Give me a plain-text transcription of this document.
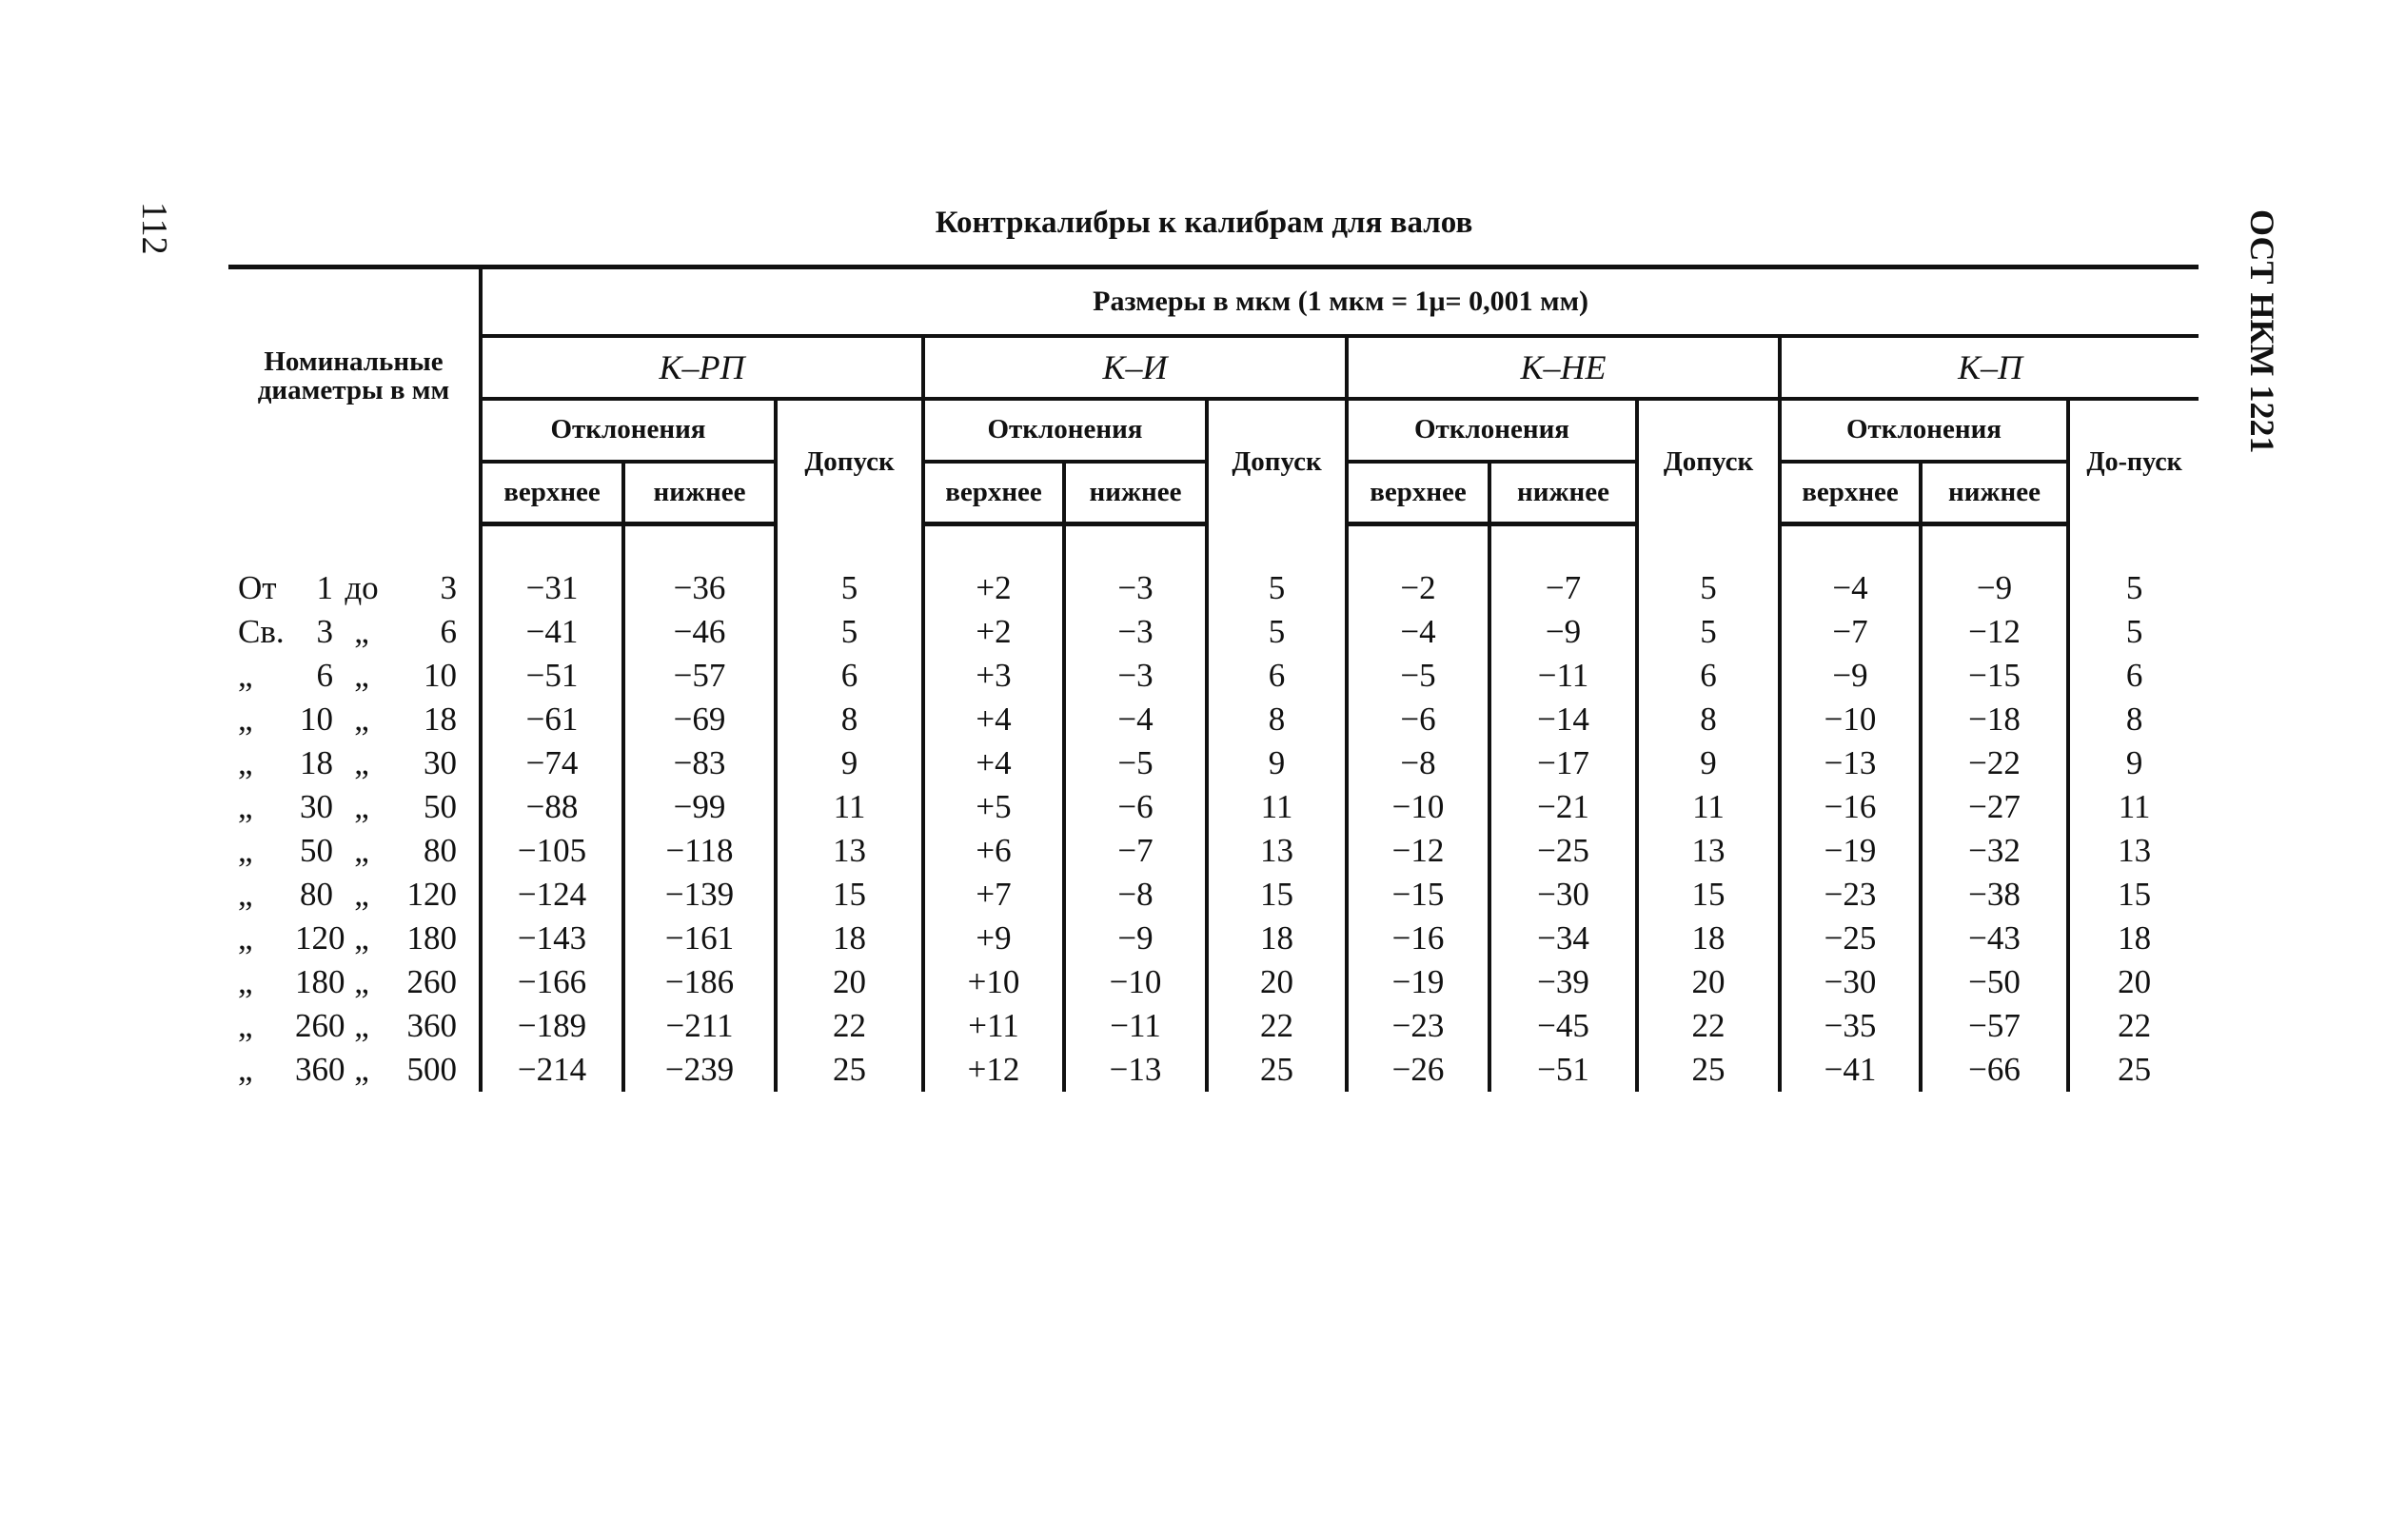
112	ОСТ НКМ 1221
Контркалибры к калибрам для валов
Номинальные диаметры в мм	Размеры в мкм (1 мкм = 1μ= 0,001 мм)											
	К–РП			К–И			К–НЕ			К–П		
	Отклонения		Допуск	Отклонения		Допуск	Отклонения		Допуск	Отклонения		До-пуск
	верхнее	нижнее		верхнее	нижнее		верхнее	нижнее		верхнее	нижнее	

От 1 до 3	−31	−36	5	+2	−3	5	−2	−7	5	−4	−9	5
Св. 3 „ 6	−41	−46	5	+2	−3	5	−4	−9	5	−7	−12	5
„ 6 „ 10	−51	−57	6	+3	−3	6	−5	−11	6	−9	−15	6
„ 10 „ 18	−61	−69	8	+4	−4	8	−6	−14	8	−10	−18	8
„ 18 „ 30	−74	−83	9	+4	−5	9	−8	−17	9	−13	−22	9
„ 30 „ 50	−88	−99	11	+5	−6	11	−10	−21	11	−16	−27	11
„ 50 „ 80	−105	−118	13	+6	−7	13	−12	−25	13	−19	−32	13
„ 80 „ 120	−124	−139	15	+7	−8	15	−15	−30	15	−23	−38	15
„ 120 „ 180	−143	−161	18	+9	−9	18	−16	−34	18	−25	−43	18
„ 180 „ 260	−166	−186	20	+10	−10	20	−19	−39	20	−30	−50	20
„ 260 „ 360	−189	−211	22	+11	−11	22	−23	−45	22	−35	−57	22
„ 360 „ 500	−214	−239	25	+12	−13	25	−26	−51	25	−41	−66	25
